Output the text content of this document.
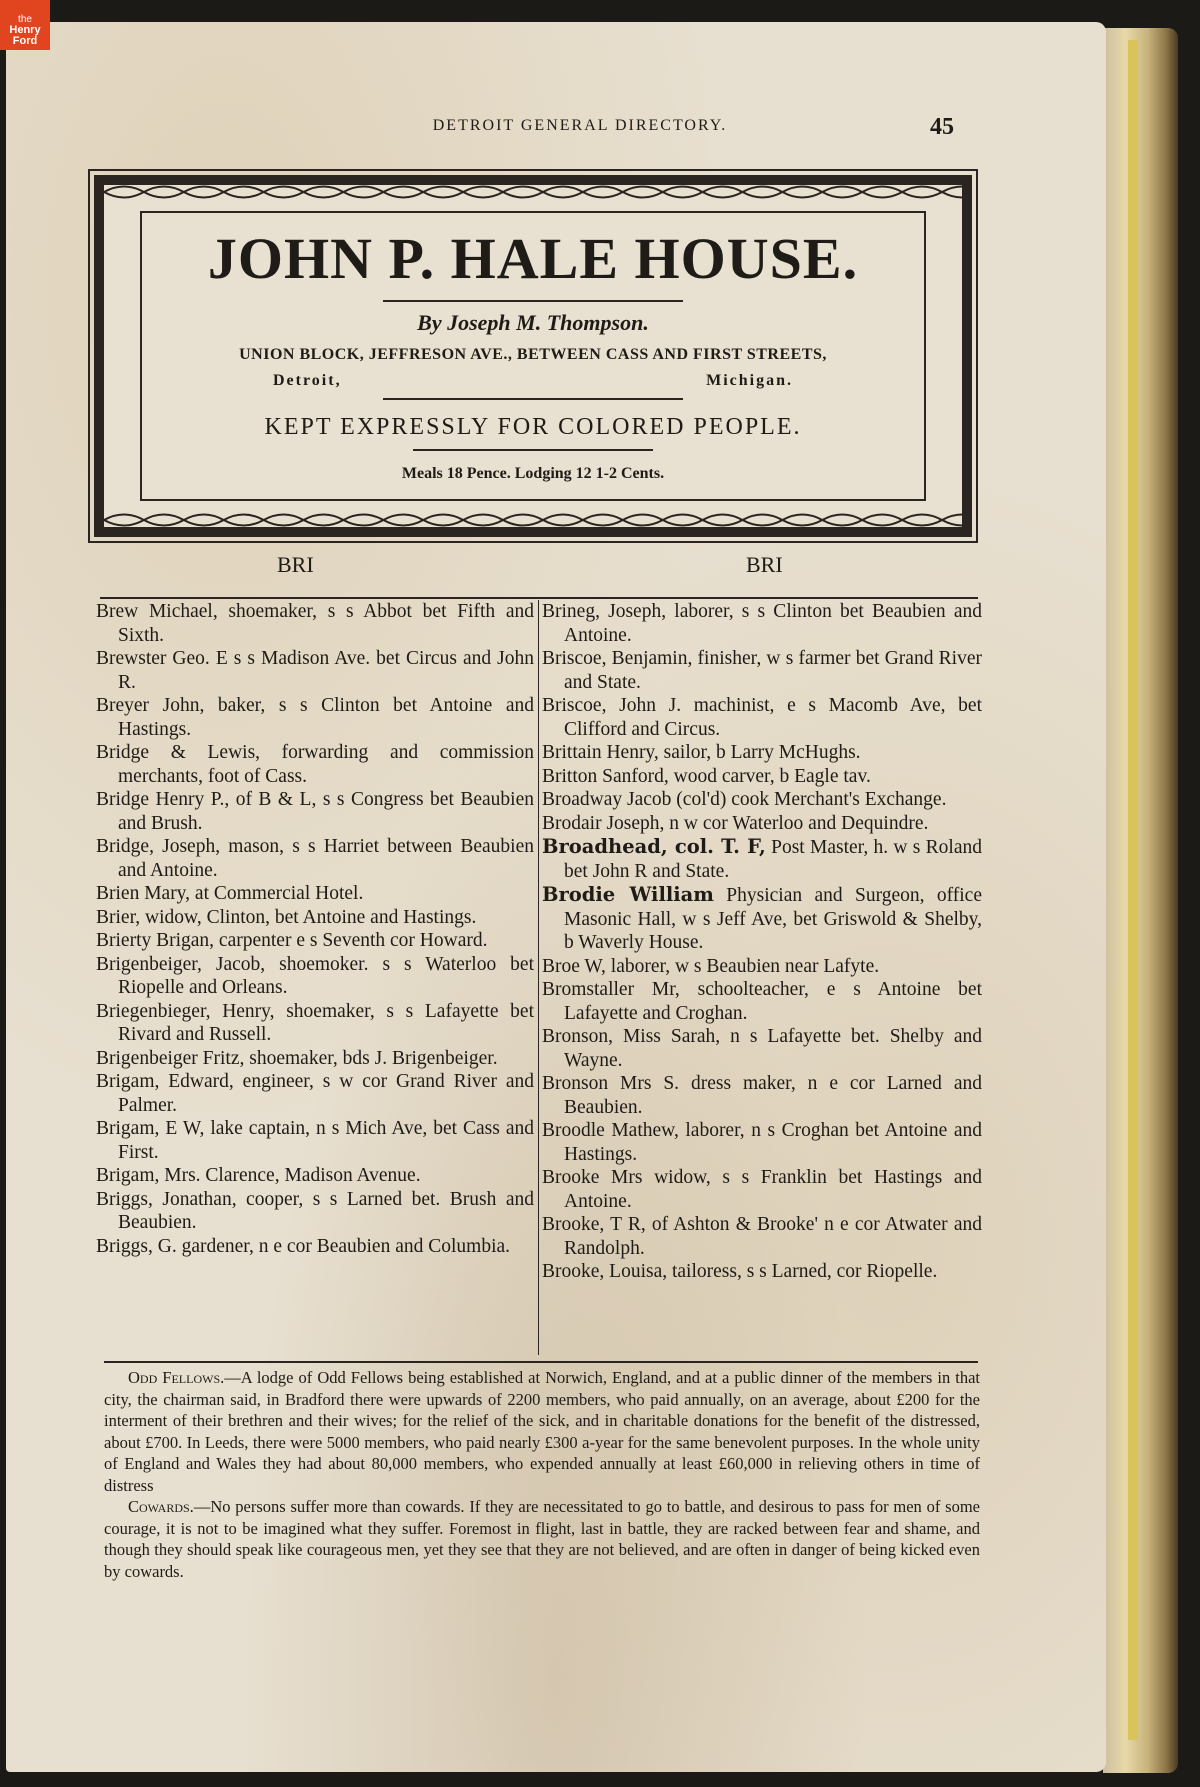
the
Henry
Ford
DETROIT GENERAL DIRECTORY.	45
JOHN P. HALE HOUSE.
By Joseph M. Thompson.
UNION BLOCK, JEFFRESON AVE., BETWEEN CASS AND FIRST STREETS,
Detroit,	Michigan.
KEPT EXPRESSLY FOR COLORED PEOPLE.
Meals 18 Pence. Lodging 12 1-2 Cents.
BRI	BRI
Brew Michael, shoemaker, s s Abbot bet Fifth and Sixth.
Brewster Geo. E s s Madison Ave. bet Circus and John R.
Breyer John, baker, s s Clinton bet Antoine and Hastings.
Bridge & Lewis, forwarding and commission merchants, foot of Cass.
Bridge Henry P., of B & L, s s Congress bet Beaubien and Brush.
Bridge, Joseph, mason, s s Harriet between Beaubien and Antoine.
Brien Mary, at Commercial Hotel.
Brier, widow, Clinton, bet Antoine and Hastings.
Brierty Brigan, carpenter e s Seventh cor Howard.
Brigenbeiger, Jacob, shoemoker. s s Waterloo bet Riopelle and Orleans.
Briegenbieger, Henry, shoemaker, s s Lafayette bet Rivard and Russell.
Brigenbeiger Fritz, shoemaker, bds J. Brigenbeiger.
Brigam, Edward, engineer, s w cor Grand River and Palmer.
Brigam, E W, lake captain, n s Mich Ave, bet Cass and First.
Brigam, Mrs. Clarence, Madison Avenue.
Briggs, Jonathan, cooper, s s Larned bet. Brush and Beaubien.
Briggs, G. gardener, n e cor Beaubien and Columbia.
Brineg, Joseph, laborer, s s Clinton bet Beaubien and Antoine.
Briscoe, Benjamin, finisher, w s farmer bet Grand River and State.
Briscoe, John J. machinist, e s Macomb Ave, bet Clifford and Circus.
Brittain Henry, sailor, b Larry McHughs.
Britton Sanford, wood carver, b Eagle tav.
Broadway Jacob (col'd) cook Merchant's Exchange.
Brodair Joseph, n w cor Waterloo and Dequindre.
Broadhead, col. T. F, Post Master, h. w s Roland bet John R and State.
Brodie William Physician and Surgeon, office Masonic Hall, w s Jeff Ave, bet Griswold & Shelby, b Waverly House.
Broe W, laborer, w s Beaubien near Lafyte.
Bromstaller Mr, schoolteacher, e s Antoine bet Lafayette and Croghan.
Bronson, Miss Sarah, n s Lafayette bet. Shelby and Wayne.
Bronson Mrs S. dress maker, n e cor Larned and Beaubien.
Broodle Mathew, laborer, n s Croghan bet Antoine and Hastings.
Brooke Mrs widow, s s Franklin bet Hastings and Antoine.
Brooke, T R, of Ashton & Brooke' n e cor Atwater and Randolph.
Brooke, Louisa, tailoress, s s Larned, cor Riopelle.

Odd Fellows.—A lodge of Odd Fellows being established at Norwich, England, and at a public dinner of the members in that city, the chairman said, in Bradford there were upwards of 2200 members, who paid annually, on an average, about £200 for the interment of their brethren and their wives; for the relief of the sick, and in charitable donations for the benefit of the distressed, about £700. In Leeds, there were 5000 members, who paid nearly £300 a-year for the same benevolent purposes. In the whole unity of England and Wales they had about 80,000 members, who expended annually at least £60,000 in relieving others in time of distress

Cowards.—No persons suffer more than cowards. If they are necessitated to go to battle, and desirous to pass for men of some courage, it is not to be imagined what they suffer. Foremost in flight, last in battle, they are racked between fear and shame, and though they should speak like courageous men, yet they see that they are not believed, and are often in danger of being kicked even by cowards.
